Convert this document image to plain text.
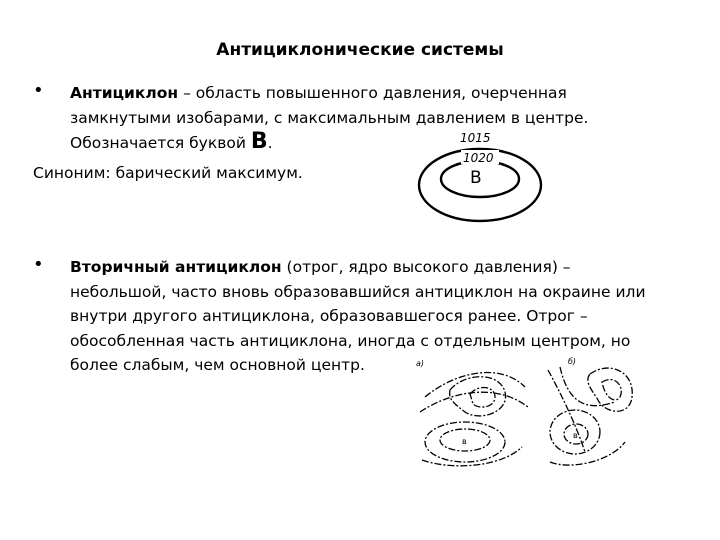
Антициклонические системы
• Антициклон – область повышенного давления, очерченная
замкнутыми изобарами, с максимальным давлением в центре.
Обозначается буквой В.
Синоним: барический максимум.
1015
1020
В
• Вторичный антициклон (отрог, ядро высокого давления) –
небольшой, часто вновь образовавшийся антициклон на окраине или
внутри другого антициклона, образовавшегося ранее. Отрог –
обособленная часть антициклона, иногда с отдельным центром, но
более слабым, чем основной центр.	а)	б)
в
в
